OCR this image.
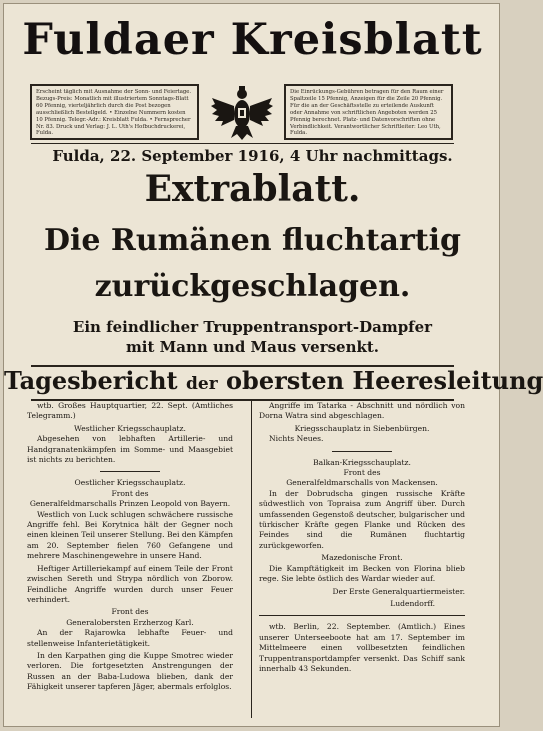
Fuldaer Kreisblatt
Erscheint täglich mit Ausnahme der Sonn- und Feiertage. Bezugs-Preis: Monatlich mit illustriertem Sonntags-Blatt 60 Pfennig, vierteljährlich durch die Post bezogen ausschließlich Bestellgeld. • Einzelne Nummern kosten 10 Pfennig. Telegr.-Adr.: Kreisblatt Fulda. • Fernsprecher Nr. 83. Druck und Verlag: J. L. Uth's Hofbuchdruckerei, Fulda.
Die Einrückungs-Gebühren betragen für den Raum einer Spaltzeile 15 Pfennig, Anzeigen für die Zeile 20 Pfennig. Für die an der Geschäftsstelle zu erteilende Auskunft oder Annahme von schriftlichen Angeboten werden 25 Pfennig berechnet. Platz- und Datenvorschriften ohne Verbindlichkeit. Verantwortlicher Schriftleiter: Leo Uth, Fulda.
Fulda, 22. September 1916, 4 Uhr nachmittags.
Extrablatt.
Die Rumänen fluchtartig
zurückgeschlagen.
Ein feindlicher Truppentransport-Dampfer
mit Mann und Maus versenkt.
Tagesbericht der obersten Heeresleitung

wtb. Großes Hauptquartier, 22. Sept. (Amtliches Telegramm.)

Westlicher Kriegsschauplatz.

Abgesehen von lebhaften Artillerie- und Handgranatenkämpfen im Somme- und Maasgebiet ist nichts zu berichten.

Oestlicher Kriegsschauplatz.

Front des

Generalfeldmarschalls Prinzen Leopold von Bayern.

Westlich von Luck schlugen schwächere russische Angriffe fehl. Bei Korytnica hält der Gegner noch einen kleinen Teil unserer Stellung. Bei den Kämpfen am 20. September fielen 760 Gefangene und mehrere Maschinengewehre in unsere Hand.

Heftiger Artilleriekampf auf einem Teile der Front zwischen Sereth und Strypa nördlich von Zborow. Feindliche Angriffe wurden durch unser Feuer verhindert.

Front des

Generalobersten Erzherzog Karl.

An der Rajarowka lebhafte Feuer- und stellenweise Infanterietätigkeit.

In den Karpathen ging die Kuppe Smotrec wieder verloren. Die fortgesetzten Anstrengungen der Russen an der Baba-Ludowa blieben, dank der Fähigkeit unserer tapferen Jäger, abermals erfolglos.

Angriffe im Tatarka - Abschnitt und nördlich von Dorna Watra sind abgeschlagen.

Kriegsschauplatz in Siebenbürgen.

Nichts Neues.

Balkan-Kriegsschauplatz.

Front des

Generalfeldmarschalls von Mackensen.

In der Dobrudscha gingen russische Kräfte südwestlich von Topraisa zum Angriff über. Durch umfassenden Gegenstoß deutscher, bulgarischer und türkischer Kräfte gegen Flanke und Rücken des Feindes sind die Rumänen fluchtartig zurückgeworfen.

Mazedonische Front.

Die Kampftätigkeit im Becken von Florina blieb rege. Sie lebte östlich des Wardar wieder auf.

Der Erste Generalquartiermeister.

Ludendorff.

wtb. Berlin, 22. September. (Amtlich.) Eines unserer Unterseeboote hat am 17. September im Mittelmeere einen vollbesetzten feindlichen Truppentransportdampfer versenkt. Das Schiff sank innerhalb 43 Sekunden.
